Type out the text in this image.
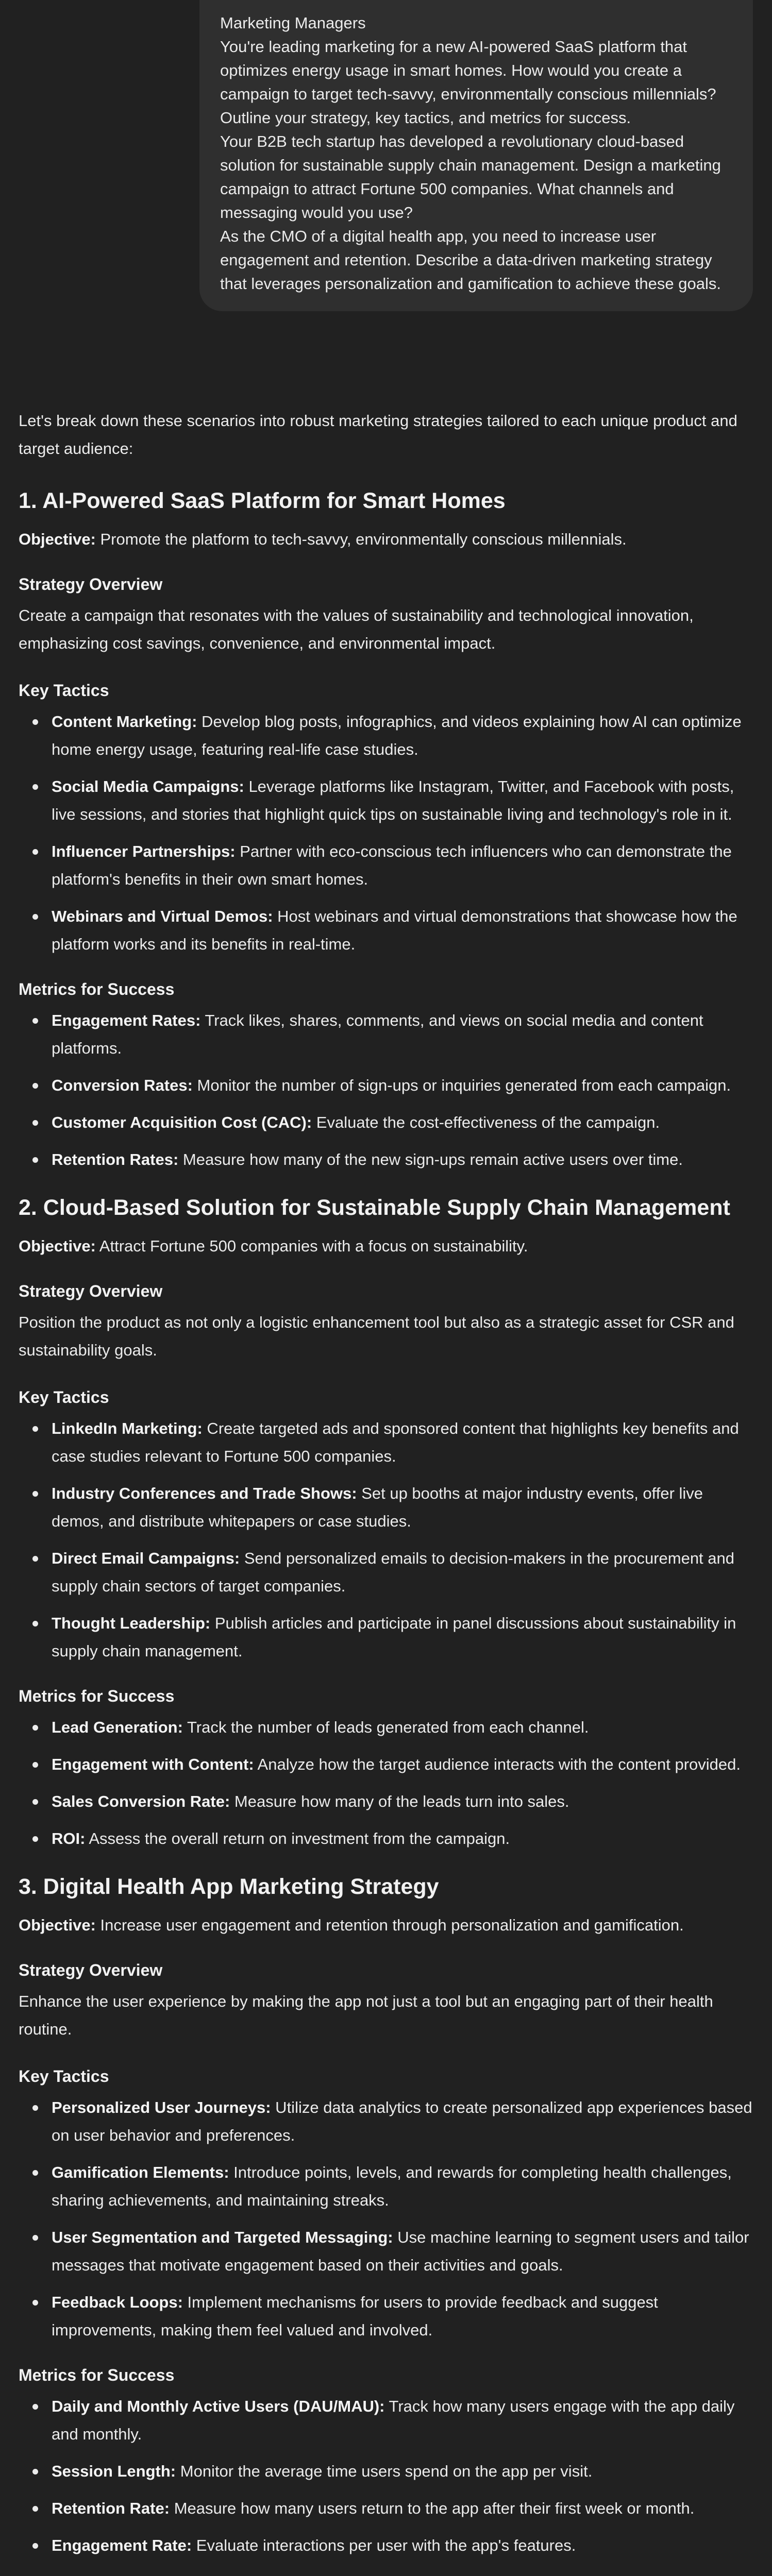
Marketing Managers

You're leading marketing for a new AI-powered SaaS platform that optimizes energy usage in smart homes. How would you create a campaign to target tech-savvy, environmentally conscious millennials? Outline your strategy, key tactics, and metrics for success.

Your B2B tech startup has developed a revolutionary cloud-based solution for sustainable supply chain management. Design a marketing campaign to attract Fortune 500 companies. What channels and messaging would you use?

As the CMO of a digital health app, you need to increase user engagement and retention. Describe a data-driven marketing strategy that leverages personalization and gamification to achieve these goals.

Let's break down these scenarios into robust marketing strategies tailored to each unique product and target audience:

1. AI-Powered SaaS Platform for Smart Homes

Objective: Promote the platform to tech-savvy, environmentally conscious millennials.

Strategy Overview

Create a campaign that resonates with the values of sustainability and technological innovation, emphasizing cost savings, convenience, and environmental impact.

Key Tactics
Content Marketing: Develop blog posts, infographics, and videos explaining how AI can optimize home energy usage, featuring real-life case studies.
Social Media Campaigns: Leverage platforms like Instagram, Twitter, and Facebook with posts, live sessions, and stories that highlight quick tips on sustainable living and technology's role in it.
Influencer Partnerships: Partner with eco-conscious tech influencers who can demonstrate the platform's benefits in their own smart homes.
Webinars and Virtual Demos: Host webinars and virtual demonstrations that showcase how the platform works and its benefits in real-time.
Metrics for Success
Engagement Rates: Track likes, shares, comments, and views on social media and content platforms.
Conversion Rates: Monitor the number of sign-ups or inquiries generated from each campaign.
Customer Acquisition Cost (CAC): Evaluate the cost-effectiveness of the campaign.
Retention Rates: Measure how many of the new sign-ups remain active users over time.
2. Cloud-Based Solution for Sustainable Supply Chain Management

Objective: Attract Fortune 500 companies with a focus on sustainability.

Strategy Overview

Position the product as not only a logistic enhancement tool but also as a strategic asset for CSR and sustainability goals.

Key Tactics
LinkedIn Marketing: Create targeted ads and sponsored content that highlights key benefits and case studies relevant to Fortune 500 companies.
Industry Conferences and Trade Shows: Set up booths at major industry events, offer live demos, and distribute whitepapers or case studies.
Direct Email Campaigns: Send personalized emails to decision-makers in the procurement and supply chain sectors of target companies.
Thought Leadership: Publish articles and participate in panel discussions about sustainability in supply chain management.
Metrics for Success
Lead Generation: Track the number of leads generated from each channel.
Engagement with Content: Analyze how the target audience interacts with the content provided.
Sales Conversion Rate: Measure how many of the leads turn into sales.
ROI: Assess the overall return on investment from the campaign.
3. Digital Health App Marketing Strategy

Objective: Increase user engagement and retention through personalization and gamification.

Strategy Overview

Enhance the user experience by making the app not just a tool but an engaging part of their health routine.

Key Tactics
Personalized User Journeys: Utilize data analytics to create personalized app experiences based on user behavior and preferences.
Gamification Elements: Introduce points, levels, and rewards for completing health challenges, sharing achievements, and maintaining streaks.
User Segmentation and Targeted Messaging: Use machine learning to segment users and tailor messages that motivate engagement based on their activities and goals.
Feedback Loops: Implement mechanisms for users to provide feedback and suggest improvements, making them feel valued and involved.
Metrics for Success
Daily and Monthly Active Users (DAU/MAU): Track how many users engage with the app daily and monthly.
Session Length: Monitor the average time users spend on the app per visit.
Retention Rate: Measure how many users return to the app after their first week or month.
Engagement Rate: Evaluate interactions per user with the app's features.
